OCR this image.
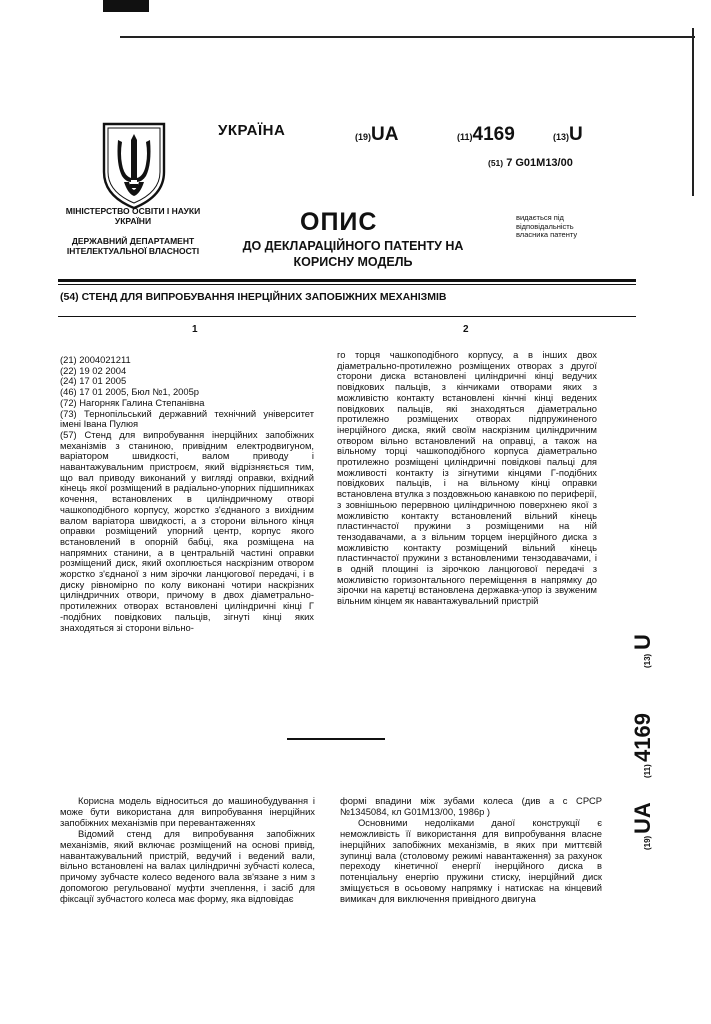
МІНІСТЕРСТВО ОСВІТИ І НАУКИ УКРАЇНИ
ДЕРЖАВНИЙ ДЕПАРТАМЕНТ ІНТЕЛЕКТУАЛЬНОЇ ВЛАСНОСТІ
УКРАЇНА	(19)UA	(11)4169	(13)U
(51) 7 G01M13/00
ОПИС
ДО ДЕКЛАРАЦІЙНОГО ПАТЕНТУ НА КОРИСНУ МОДЕЛЬ
видається під відповідальність власника патенту
(54) СТЕНД ДЛЯ ВИПРОБУВАННЯ ІНЕРЦІЙНИХ ЗАПОБІЖНИХ МЕХАНІЗМІВ
1	2

(21) 2004021211

(22) 19 02 2004

(24) 17 01 2005

(46) 17 01 2005, Бюл №1, 2005р

(72) Нагорняк Галина Степанівна

(73) Тернопільський державний технічний університет імені Івана Пулюя

(57) Стенд для випробування інерційних запобіжних механізмів з станиною, привідним електродвигуном, варіатором швидкості, валом приводу і навантажувальним пристроєм, який відрізняється тим, що вал приводу виконаний у вигляді оправки, вхідний кінець якої розміщений в радіально-упорних підшипниках кочення, встановлених в циліндричному отворі чашкоподібного корпусу, жорстко з'єднаного з вихідним валом варіатора швидкості, а з сторони вільного кінця оправки розміщений упорний центр, корпус якого встановлений в опорній бабці, яка розміщена на напрямних станини, а в центральній частині оправки розміщений диск, який охоплюється наскрізним отвором жорстко з'єднаної з ним зірочки ланцюгової передачі, і в диску рівномірно по колу виконані чотири наскрізних циліндричних отвори, причому в двох діаметрально-протилежних отворах встановлені циліндричні кінці Г -подібних повідкових пальців, зігнуті кінці яких знаходяться зі сторони вільно-

го торця чашкоподібного корпусу, а в інших двох діаметрально-протилежно розміщених отворах з другої сторони диска встановлені циліндричні кінці ведучих повідкових пальців, з кінчиками отворами яких з можливістю контакту встановлені кінчні кінці ведених повідкових пальців, які знаходяться діаметрально протилежно розміщених отворах підпружиненого інерційного диска, який своїм наскрізним циліндричним отвором вільно встановлений на оправці, а також на вільному торці чашкоподібного корпуса діаметрально протилежно розміщені циліндричні повідкові пальці для можливості контакту із зігнутими кінцями Г-подібних повідкових пальців, і на вільному кінці оправки встановлена втулка з поздовжньою канавкою по периферії, з зовнішньою перервною циліндричною поверхнею якої з можливістю контакту встановлений вільний кінець пластинчастої пружини з розміщеними на ній тензодавачами, а з вільним торцем інерційного диска з можливістю контакту розміщений вільний кінець пластинчастої пружини з встановленими тензодавачами, і в одній площині із зірочкою ланцюгової передачі з можливістю горизонтального переміщення в напрямку до зірочки на каретці встановлена державка-упор із звуженим вільним кінцем як навантажувальний пристрій

Корисна модель відноситься до машинобудування і може бути використана для випробування інерційних запобіжних механізмів при перевантаженнях

Відомий стенд для випробування запобіжних механізмів, який включає розміщений на основі привід, навантажувальний пристрій, ведучий і ведений вали, вільно встановлені на валах циліндричні зубчасті колеса, причому зубчасте колесо веденого вала зв'язане з ним з допомогою регульованої муфти зчеплення, і засіб для фіксації зубчастого колеса має форму, яка відповідає

формі впадини між зубами колеса (див а с СРСР №1345084, кл G01M13/00, 1986р )

Основними недоліками даної конструкції є неможливість її використання для випробування власне інерційних запобіжних механізмів, в яких при миттєвій зупинці вала (столовому режимі навантаження) за рахунок переходу кінетичної енергії інерційного диска в потенціальну енергію пружини стиску, інерційний диск зміщується в осьовому напрямку і натискає на кінцевий вимикач для виключення привідного двигуна

(19)
UA
(11)
4169
(13)
U
